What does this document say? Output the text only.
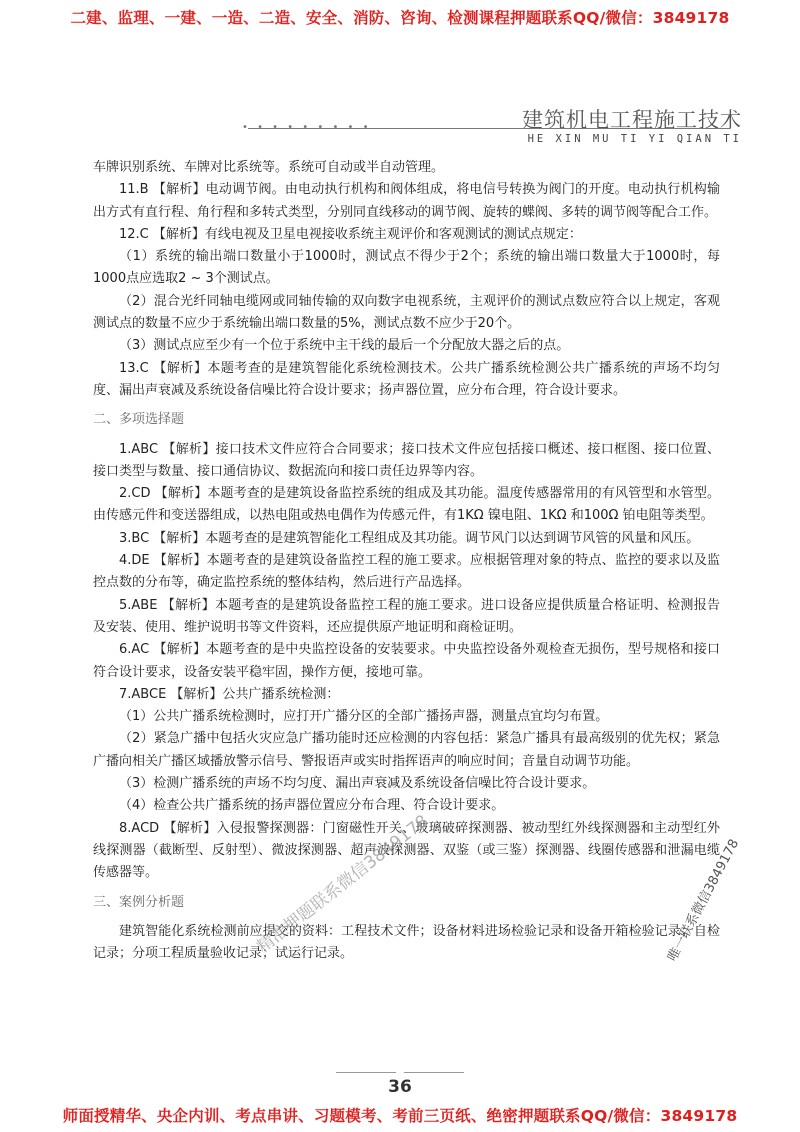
二建、监理、一建、一造、二造、安全、消防、咨询、检测课程押题联系QQ/微信：3849178
建筑机电工程施工技术
• • • • • • • • •
HE XIN MU TI YI QIAN TI

车牌识别系统、车牌对比系统等。系统可自动或半自动管理。

11.B 【解析】电动调节阀。由电动执行机构和阀体组成，将电信号转换为阀门的开度。电动执行机构输出方式有直行程、角行程和多转式类型，分别同直线移动的调节阀、旋转的蝶阀、多转的调节阀等配合工作。

12.C 【解析】有线电视及卫星电视接收系统主观评价和客观测试的测试点规定：

（1）系统的输出端口数量小于1000时，测试点不得少于2个；系统的输出端口数量大于1000时，每1000点应选取2 ~ 3个测试点。

（2）混合光纤同轴电缆网或同轴传输的双向数字电视系统，主观评价的测试点数应符合以上规定，客观测试点的数量不应少于系统输出端口数量的5%，测试点数不应少于20个。

（3）测试点应至少有一个位于系统中主干线的最后一个分配放大器之后的点。

13.C 【解析】本题考查的是建筑智能化系统检测技术。公共广播系统检测公共广播系统的声场不均匀度、漏出声衰减及系统设备信噪比符合设计要求；扬声器位置，应分布合理，符合设计要求。

二、多项选择题

1.ABC 【解析】接口技术文件应符合合同要求；接口技术文件应包括接口概述、接口框图、接口位置、接口类型与数量、接口通信协议、数据流向和接口责任边界等内容。

2.CD 【解析】本题考查的是建筑设备监控系统的组成及其功能。温度传感器常用的有风管型和水管型。由传感元件和变送器组成，以热电阻或热电偶作为传感元件，有1KΩ 镍电阻、1KΩ 和100Ω 铂电阻等类型。

3.BC 【解析】本题考查的是建筑智能化工程组成及其功能。调节风门以达到调节风管的风量和风压。

4.DE 【解析】本题考查的是建筑设备监控工程的施工要求。应根据管理对象的特点、监控的要求以及监控点数的分布等，确定监控系统的整体结构，然后进行产品选择。

5.ABE 【解析】本题考查的是建筑设备监控工程的施工要求。进口设备应提供质量合格证明、检测报告及安装、使用、维护说明书等文件资料，还应提供原产地证明和商检证明。

6.AC 【解析】本题考查的是中央监控设备的安装要求。中央监控设备外观检查无损伤，型号规格和接口符合设计要求，设备安装平稳牢固，操作方便，接地可靠。

7.ABCE 【解析】公共广播系统检测：

（1）公共广播系统检测时，应打开广播分区的全部广播扬声器，测量点宜均匀布置。

（2）紧急广播中包括火灾应急广播功能时还应检测的内容包括：紧急广播具有最高级别的优先权；紧急广播向相关广播区域播放警示信号、警报语声或实时指挥语声的响应时间；音量自动调节功能。

（3）检测广播系统的声场不均匀度、漏出声衰减及系统设备信噪比符合设计要求。

（4）检查公共广播系统的扬声器位置应分布合理、符合设计要求。

8.ACD 【解析】入侵报警探测器：门窗磁性开关、玻璃破碎探测器、被动型红外线探测器和主动型红外线探测器（截断型、反射型）、微波探测器、超声波探测器、双鉴（或三鉴）探测器、线圈传感器和泄漏电缆传感器等。

三、案例分析题

建筑智能化系统检测前应提交的资料：工程技术文件；设备材料进场检验记录和设备开箱检验记录；自检记录；分项工程质量验收记录；试运行记录。

36
精准押题联系微信3849178	唯一联系微信3849178
师面授精华、央企内训、考点串讲、习题模考、考前三页纸、绝密押题联系QQ/微信：3849178
